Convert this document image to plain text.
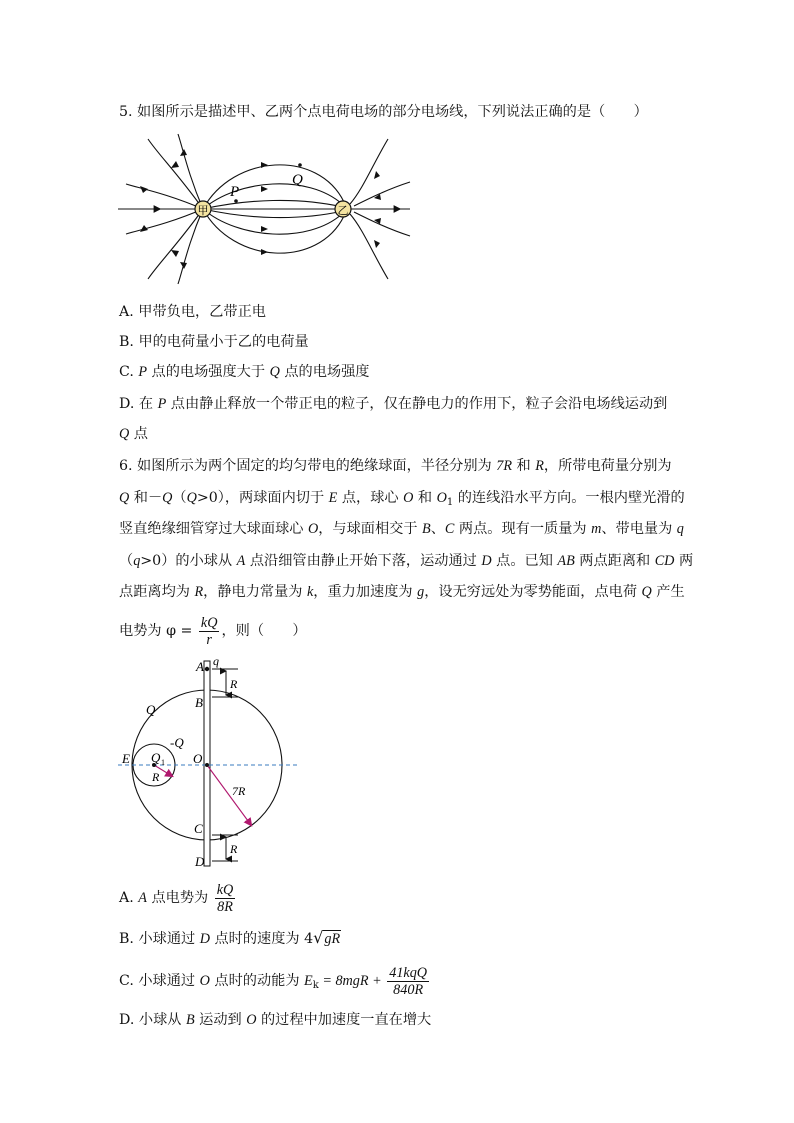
5. 如图所示是描述甲、乙两个点电荷电场的部分电场线，下列说法正确的是（　　）
甲	乙
P
Q
A. 甲带负电，乙带正电
B. 甲的电荷量小于乙的电荷量
C. P 点的电场强度大于 Q 点的电场强度
D. 在 P 点由静止释放一个带正电的粒子，仅在静电力的作用下，粒子会沿电场线运动到
Q 点
6. 如图所示为两个固定的均匀带电的绝缘球面，半径分别为 7R 和 R，所带电荷量分别为
Q 和－Q（Q>0），两球面内切于 E 点，球心 O 和 $O_1$ 的连线沿水平方向。一根内壁光滑的
竖直绝缘细管穿过大球面球心 O，与球面相交于 B、C 两点。现有一质量为 m、带电量为 q
（q>0）的小球从 A 点沿细管由静止开始下落，运动通过 D 点。已知 AB 两点距离和 CD 两
点距离均为 R，静电力常量为 k，重力加速度为 g，设无穷远处为零势能面，点电荷 Q 产生
电势为 $\varphi = \frac{kQ}{r}$ ，则（　　）
A q
R
B
Q
-Q
E Q 1 O
R
7R
C
R
D
A. A 点电势为 $\frac{kQ}{8R}$
B. 小球通过 D 点时的速度为 4√gR
C. 小球通过 O 点时的动能为 $E_k = 8mgR + \frac{\text{41kqQ}}{840R}$
D. 小球从 B 运动到 O 的过程中加速度一直在增大
